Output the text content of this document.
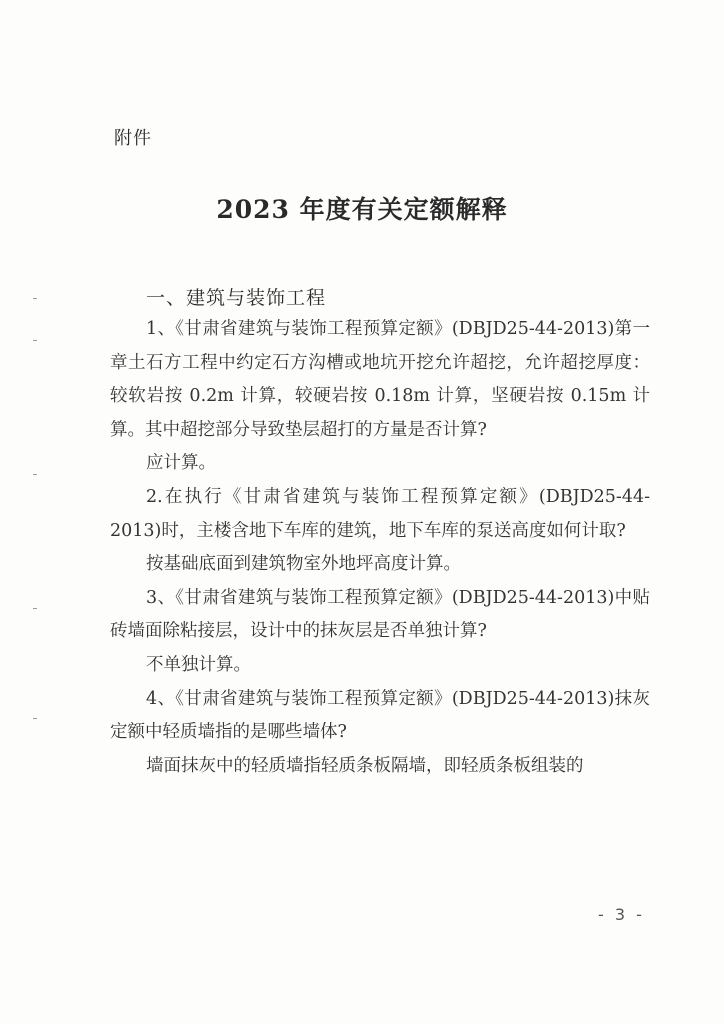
附件
2023 年度有关定额解释
一、建筑与装饰工程

1、《甘肃省建筑与装饰工程预算定额》(DBJD25-44-2013)第一章土石方工程中约定石方沟槽或地坑开挖允许超挖，允许超挖厚度：较软岩按 0.2m 计算，较硬岩按 0.18m 计算，坚硬岩按 0.15m 计算。其中超挖部分导致垫层超打的方量是否计算?

应计算。

2.在执行《甘肃省建筑与装饰工程预算定额》(DBJD25-44-2013)时，主楼含地下车库的建筑，地下车库的泵送高度如何计取?

按基础底面到建筑物室外地坪高度计算。

3、《甘肃省建筑与装饰工程预算定额》(DBJD25-44-2013)中贴砖墙面除粘接层，设计中的抹灰层是否单独计算?

不单独计算。

4、《甘肃省建筑与装饰工程预算定额》(DBJD25-44-2013)抹灰定额中轻质墙指的是哪些墙体?

墙面抹灰中的轻质墙指轻质条板隔墙，即轻质条板组装的

- 3 -
